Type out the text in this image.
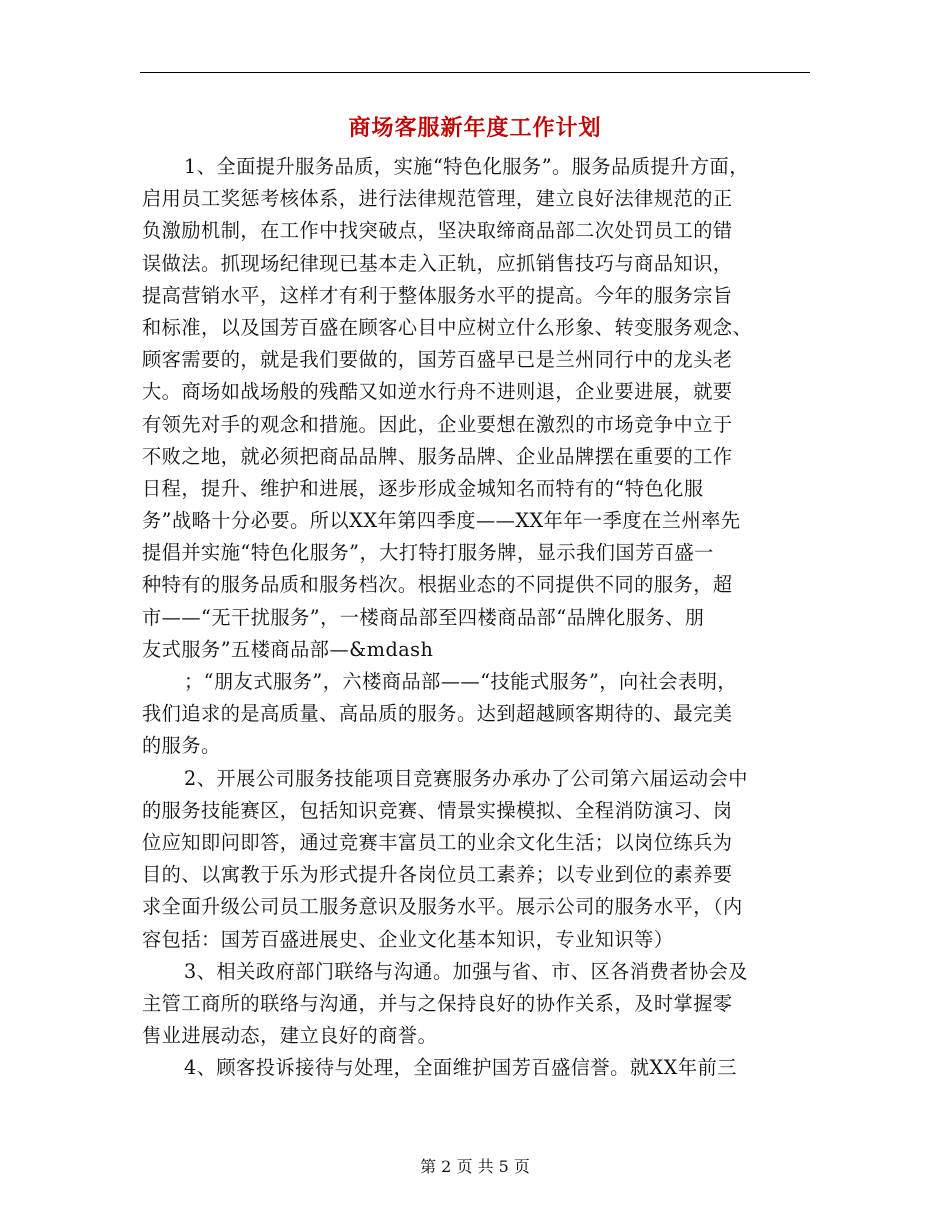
商场客服新年度工作计划
1、全面提升服务品质，实施“特色化服务”。服务品质提升方面，
启用员工奖惩考核体系，进行法律规范管理，建立良好法律规范的正
负激励机制，在工作中找突破点，坚决取缔商品部二次处罚员工的错
误做法。抓现场纪律现已基本走入正轨，应抓销售技巧与商品知识，
提高营销水平，这样才有利于整体服务水平的提高。今年的服务宗旨
和标准，以及国芳百盛在顾客心目中应树立什么形象、转变服务观念、
顾客需要的，就是我们要做的，国芳百盛早已是兰州同行中的龙头老
大。商场如战场般的残酷又如逆水行舟不进则退，企业要进展，就要
有领先对手的观念和措施。因此，企业要想在激烈的市场竞争中立于
不败之地，就必须把商品品牌、服务品牌、企业品牌摆在重要的工作
日程，提升、维护和进展，逐步形成金城知名而特有的“特色化服
务”战略十分必要。所以XX年第四季度——XX年年一季度在兰州率先
提倡并实施“特色化服务”，大打特打服务牌，显示我们国芳百盛一
种特有的服务品质和服务档次。根据业态的不同提供不同的服务，超
市——“无干扰服务”，一楼商品部至四楼商品部“品牌化服务、朋
友式服务”五楼商品部—&mdash
；“朋友式服务”，六楼商品部——“技能式服务”，向社会表明，
我们追求的是高质量、高品质的服务。达到超越顾客期待的、最完美
的服务。
2、开展公司服务技能项目竞赛服务办承办了公司第六届运动会中
的服务技能赛区，包括知识竞赛、情景实操模拟、全程消防演习、岗
位应知即问即答，通过竞赛丰富员工的业余文化生活；以岗位练兵为
目的、以寓教于乐为形式提升各岗位员工素养；以专业到位的素养要
求全面升级公司员工服务意识及服务水平。展示公司的服务水平，（内
容包括：国芳百盛进展史、企业文化基本知识，专业知识等）
3、相关政府部门联络与沟通。加强与省、市、区各消费者协会及
主管工商所的联络与沟通，并与之保持良好的协作关系，及时掌握零
售业进展动态，建立良好的商誉。
4、顾客投诉接待与处理，全面维护国芳百盛信誉。就XX年前三
第 2 页 共 5 页
